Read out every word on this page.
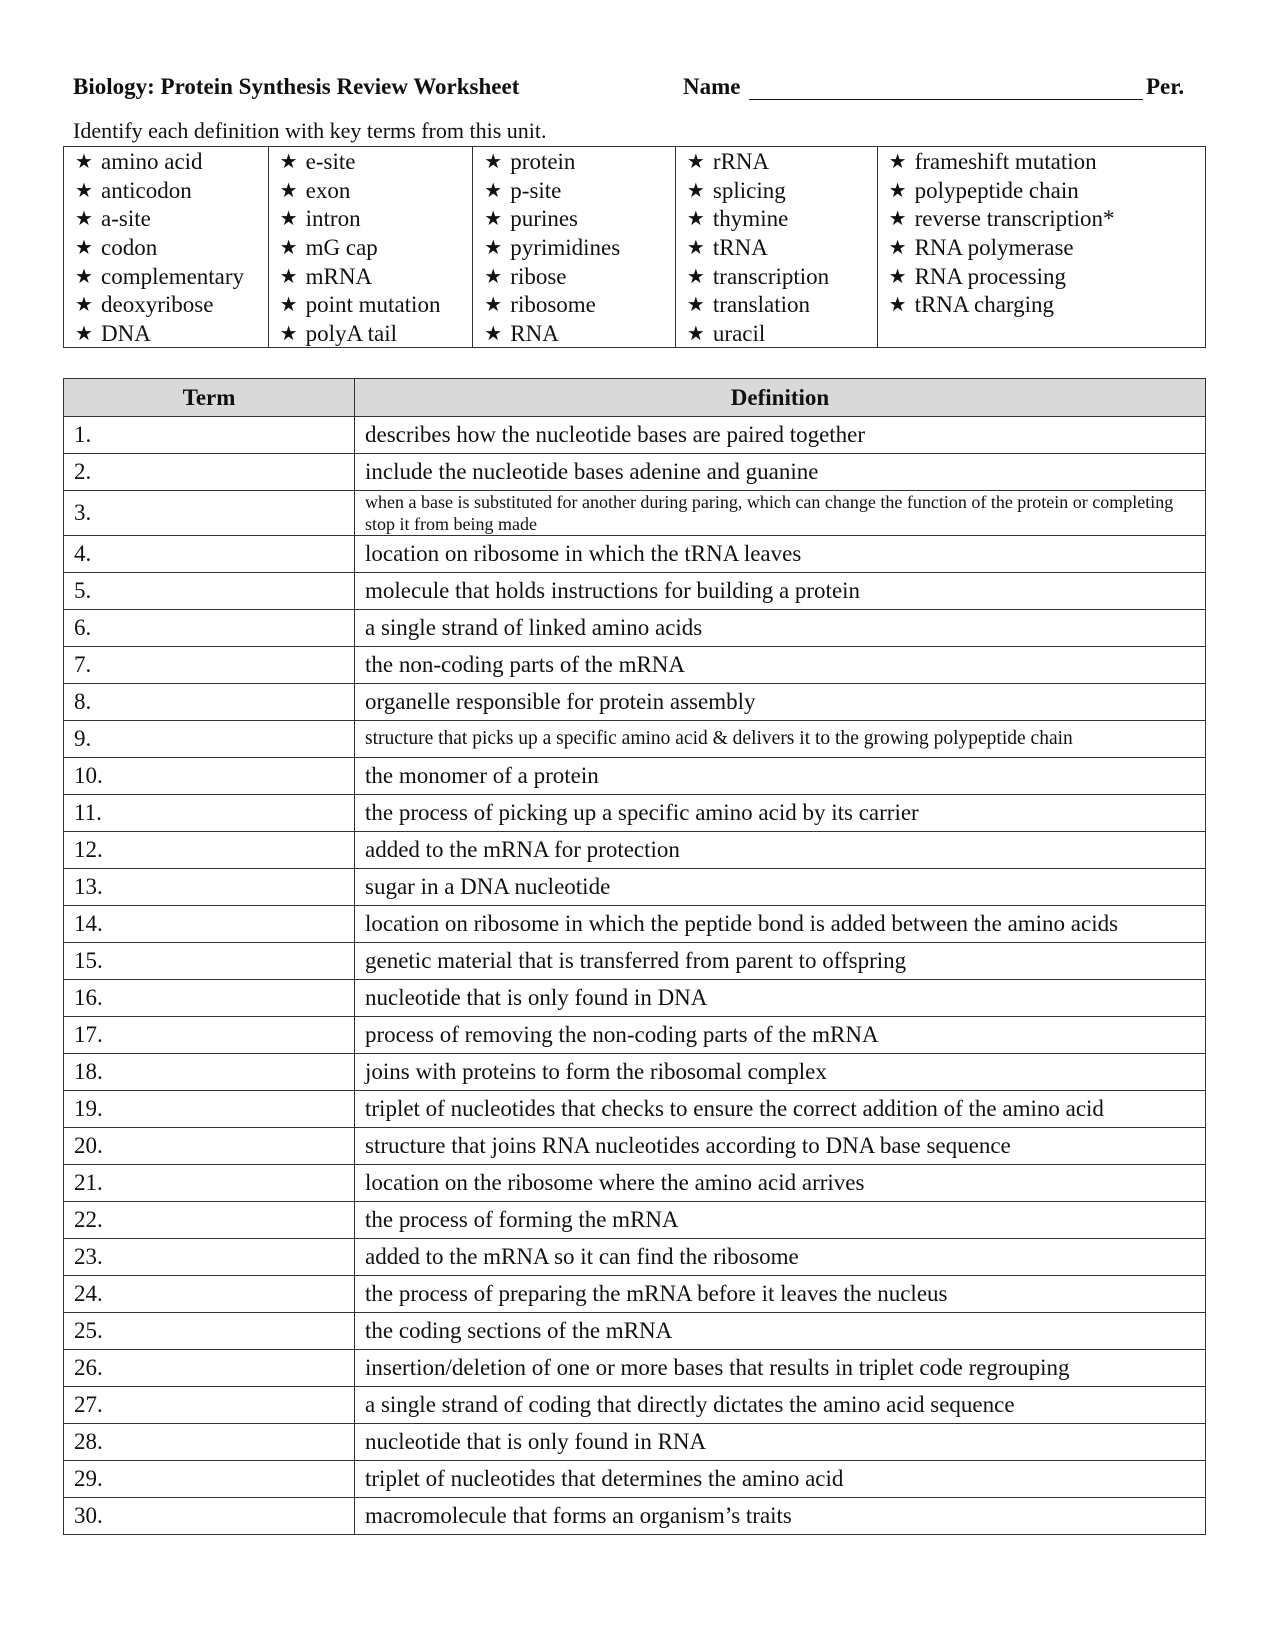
Biology: Protein Synthesis Review Worksheet	Name	Per.
Identify each definition with key terms from this unit.
★ amino acid
★ anticodon
★ a-site
★ codon
★ complementary
★ deoxyribose
★ DNA
★ e-site
★ exon
★ intron
★ mG cap
★ mRNA
★ point mutation
★ polyA tail
★ protein
★ p-site
★ purines
★ pyrimidines
★ ribose
★ ribosome
★ RNA
★ rRNA
★ splicing
★ thymine
★ tRNA
★ transcription
★ translation
★ uracil
★ frameshift mutation
★ polypeptide chain
★ reverse transcription*
★ RNA polymerase
★ RNA processing
★ tRNA charging
Term	Definition
1.	describes how the nucleotide bases are paired together
2.	include the nucleotide bases adenine and guanine
3.	when a base is substituted for another during paring, which can change the function of the protein or completing stop it from being made
4.	location on ribosome in which the tRNA leaves
5.	molecule that holds instructions for building a protein
6.	a single strand of linked amino acids
7.	the non-coding parts of the mRNA
8.	organelle responsible for protein assembly
9.	structure that picks up a specific amino acid & delivers it to the growing polypeptide chain
10.	the monomer of a protein
11.	the process of picking up a specific amino acid by its carrier
12.	added to the mRNA for protection
13.	sugar in a DNA nucleotide
14.	location on ribosome in which the peptide bond is added between the amino acids
15.	genetic material that is transferred from parent to offspring
16.	nucleotide that is only found in DNA
17.	process of removing the non-coding parts of the mRNA
18.	joins with proteins to form the ribosomal complex
19.	triplet of nucleotides that checks to ensure the correct addition of the amino acid
20.	structure that joins RNA nucleotides according to DNA base sequence
21.	location on the ribosome where the amino acid arrives
22.	the process of forming the mRNA
23.	added to the mRNA so it can find the ribosome
24.	the process of preparing the mRNA before it leaves the nucleus
25.	the coding sections of the mRNA
26.	insertion/deletion of one or more bases that results in triplet code regrouping
27.	a single strand of coding that directly dictates the amino acid sequence
28.	nucleotide that is only found in RNA
29.	triplet of nucleotides that determines the amino acid
30.	macromolecule that forms an organism’s traits
